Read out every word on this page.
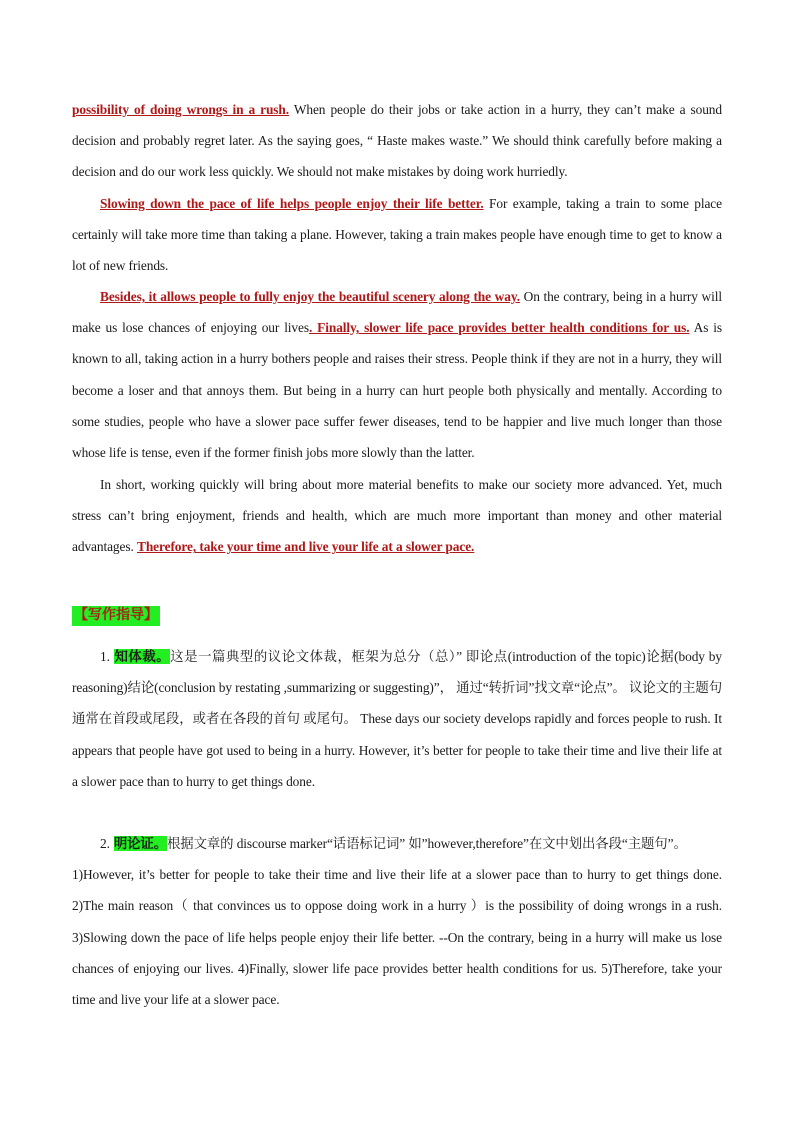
possibility of doing wrongs in a rush. When people do their jobs or take action in a hurry, they can’t make a sound decision and probably regret later. As the saying goes, “ Haste makes waste.” We should think carefully before making a decision and do our work less quickly. We should not make mistakes by doing work hurriedly.

Slowing down the pace of life helps people enjoy their life better. For example, taking a train to some place certainly will take more time than taking a plane. However, taking a train makes people have enough time to get to know a lot of new friends.

Besides, it allows people to fully enjoy the beautiful scenery along the way. On the contrary, being in a hurry will make us lose chances of enjoying our lives. Finally, slower life pace provides better health conditions for us. As is known to all, taking action in a hurry bothers people and raises their stress. People think if they are not in a hurry, they will become a loser and that annoys them. But being in a hurry can hurt people both physically and mentally. According to some studies, people who have a slower pace suffer fewer diseases, tend to be happier and live much longer than those whose life is tense, even if the former finish jobs more slowly than the latter.

In short, working quickly will bring about more material benefits to make our society more advanced. Yet, much stress can’t bring enjoyment, friends and health, which are much more important than money and other material advantages. Therefore, take your time and live your life at a slower pace.

【写作指导】

1. 知体裁。这是一篇典型的议论文体裁，框架为总分（总）” 即论点(introduction of the topic)论据(body by reasoning)结论(conclusion by restating ,summarizing or suggesting)”， 通过“转折词”找文章“论点”。 议论文的主题句通常在首段或尾段，或者在各段的首句 或尾句。 These days our society develops rapidly and forces people to rush. It appears that people have got used to being in a hurry. However, it’s better for people to take their time and live their life at a slower pace than to hurry to get things done.

2. 明论证。根据文章的 discourse marker“话语标记词” 如”however,therefore”在文中划出各段“主题句”。
1)However, it’s better for people to take their time and live their life at a slower pace than to hurry to get things done. 2)The main reason（ that convinces us to oppose doing work in a hurry ）is the possibility of doing wrongs in a rush. 3)Slowing down the pace of life helps people enjoy their life better. --On the contrary, being in a hurry will make us lose chances of enjoying our lives. 4)Finally, slower life pace provides better health conditions for us. 5)Therefore, take your time and live your life at a slower pace.
